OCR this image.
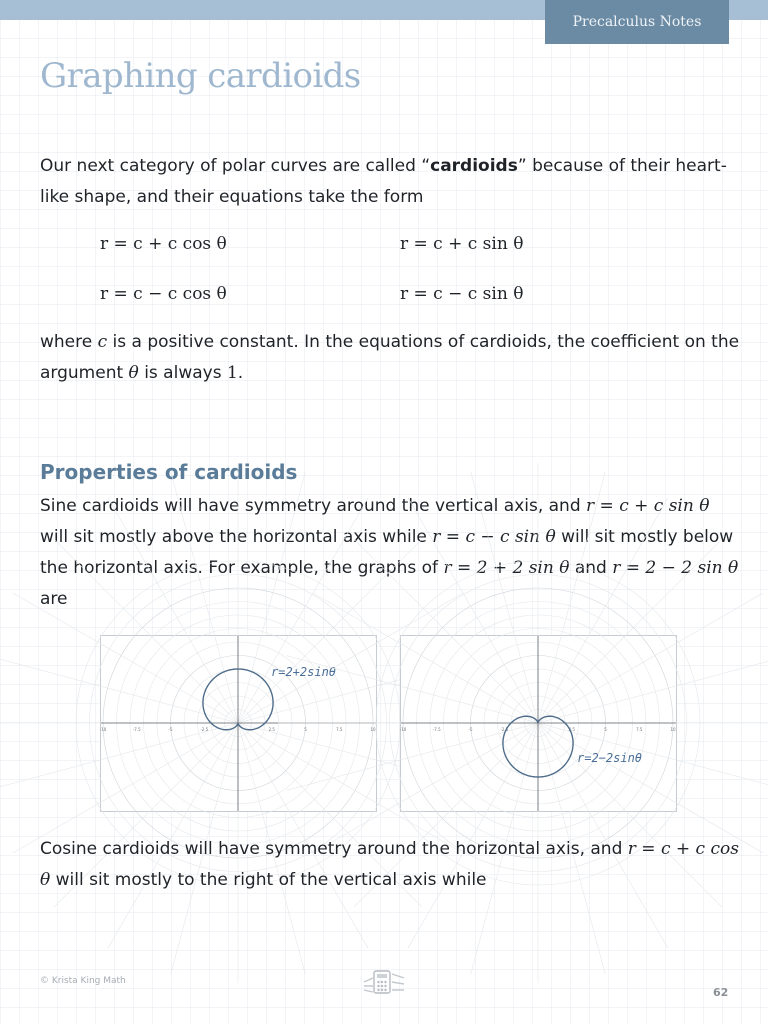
Precalculus Notes
Graphing cardioids

Our next category of polar curves are called “cardioids” because of their heart-like shape, and their equations take the form

r = c + c cos θ	r = c + c sin θ
r = c − c cos θ	r = c − c sin θ

where c is a positive constant. In the equations of cardioids, the coefficient on the argument θ is always 1.

Properties of cardioids

Sine cardioids will have symmetry around the vertical axis, and r = c + c sin θ will sit mostly above the horizontal axis while r = c − c sin θ will sit mostly below the horizontal axis. For example, the graphs of r = 2 + 2 sin θ and r = 2 − 2 sin θ are

-10	-7.5	-5	-2.5	2.5	5	7.5	10
r=2+2sinθ
-10	-7.5	-5	-2.5	2.5	5	7.5	10
r=2−2sinθ

Cosine cardioids will have symmetry around the horizontal axis, and r = c + c cos θ will sit mostly to the right of the vertical axis while

© Krista King Math
62
